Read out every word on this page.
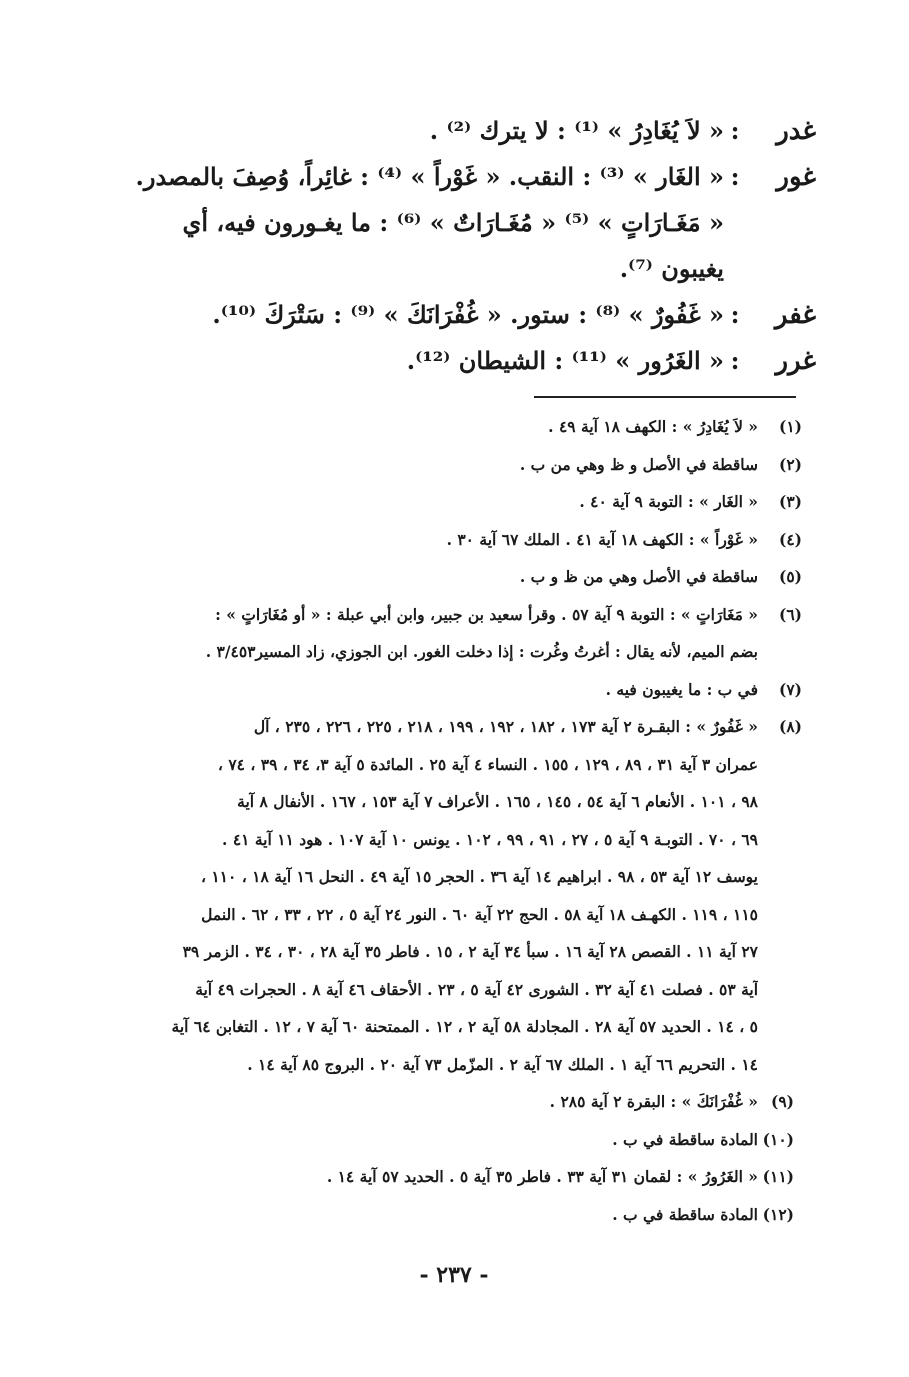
غدر
:
« لاَ يُغَادِرُ » ⁽¹⁾ : لا يترك ⁽²⁾ .
غور
:
« الغَار » ⁽³⁾ : النقب. « غَوْراً » ⁽⁴⁾ : غائِراً، وُصِفَ بالمصدر.
« مَغَـارَاتٍ » ⁽⁵⁾ « مُغَـارَاتٌ » ⁽⁶⁾ : ما يغـورون فيه، أي
يغيبون ⁽⁷⁾.
غفر
:
« غَفُورٌ » ⁽⁸⁾ : ستور. « غُفْرَانَكَ » ⁽⁹⁾ : سَتْرَكَ ⁽¹⁰⁾.
غرر
:
« الغَرُور » ⁽¹¹⁾ : الشيطان ⁽¹²⁾.
(١)
« لاَ يُغَادِرُ » : الكهف ١٨ آية ٤٩ .
(٢)
ساقطة في الأصل و ظ وهي من ب .
(٣)
« الغَار » : التوبة ٩ آية ٤٠ .
(٤)
« غَوْراً » : الكهف ١٨ آية ٤١ . الملك ٦٧ آية ٣٠ .
(٥)
ساقطة في الأصل وهي من ظ و ب .
(٦)
« مَغَارَاتٍ » : التوبة ٩ آية ٥٧ . وقرأ سعيد بن جبير، وابن أبي عبلة : « أو مُغَارَاتٍ » :
بضم الميم، لأنه يقال : أغرتُ وغُرت : إذا دخلت الغور. ابن الجوزي، زاد المسير٣/٤٥٣ .
(٧)
في ب : ما يغيبون فيه .
(٨)
« غَفُورٌ » : البقـرة ٢ آية ١٧٣ ، ١٨٢ ، ١٩٢ ، ١٩٩ ، ٢١٨ ، ٢٢٥ ، ٢٢٦ ، ٢٣٥ ، آل
عمران ٣ آية ٣١ ، ٨٩ ، ١٢٩ ، ١٥٥ . النساء ٤ آية ٢٥ . المائدة ٥ آية ٣، ٣٤ ، ٣٩ ، ٧٤ ،
٩٨ ، ١٠١ . الأنعام ٦ آية ٥٤ ، ١٤٥ ، ١٦٥ . الأعراف ٧ آية ١٥٣ ، ١٦٧ . الأنفال ٨ آية
٦٩ ، ٧٠ . التوبـة ٩ آية ٥ ، ٢٧ ، ٩١ ، ٩٩ ، ١٠٢ . يونس ١٠ آية ١٠٧ . هود ١١ آية ٤١ .
يوسف ١٢ آية ٥٣ ، ٩٨ . ابراهيم ١٤ آية ٣٦ . الحجر ١٥ آية ٤٩ . النحل ١٦ آية ١٨ ، ١١٠ ،
١١٥ ، ١١٩ . الكهـف ١٨ آية ٥٨ . الحج ٢٢ آية ٦٠ . النور ٢٤ آية ٥ ، ٢٢ ، ٣٣ ، ٦٢ . النمل
٢٧ آية ١١ . القصص ٢٨ آية ١٦ . سبأ ٣٤ آية ٢ ، ١٥ . فاطر ٣٥ آية ٢٨ ، ٣٠ ، ٣٤ . الزمر ٣٩
آية ٥٣ . فصلت ٤١ آية ٣٢ . الشورى ٤٢ آية ٥ ، ٢٣ . الأحقاف ٤٦ آية ٨ . الحجرات ٤٩ آية
٥ ، ١٤ . الحديد ٥٧ آية ٢٨ . المجادلة ٥٨ آية ٢ ، ١٢ . الممتحنة ٦٠ آية ٧ ، ١٢ . التغابن ٦٤ آية
١٤ . التحريم ٦٦ آية ١ . الملك ٦٧ آية ٢ . المزّمل ٧٣ آية ٢٠ . البروج ٨٥ آية ١٤ .
(٩)
« غُفْرَانَكَ » : البقرة ٢ آية ٢٨٥ .
(١٠)
المادة ساقطة في ب .
(١١)
« الغَرُورُ » : لقمان ٣١ آية ٣٣ . فاطر ٣٥ آية ٥ . الحديد ٥٧ آية ١٤ .
(١٢)
المادة ساقطة في ب .
- ٢٣٧ -
